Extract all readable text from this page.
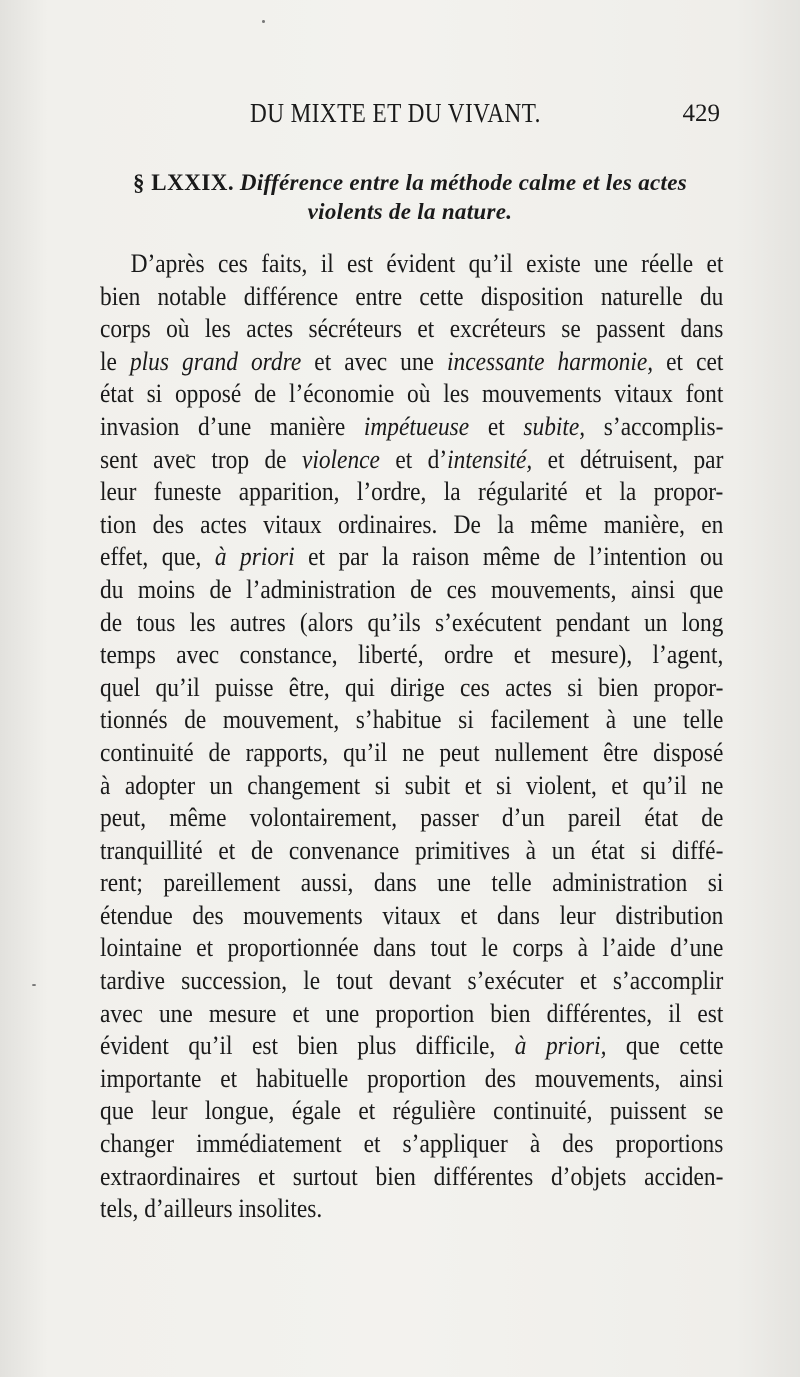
DU MIXTE ET DU VIVANT.	429
§ LXXIX. Différence entre la méthode calme et les actes
violents de la nature.
D’après ces faits, il est évident qu’il existe une réelle et
bien notable différence entre cette disposition naturelle du
corps où les actes sécréteurs et excréteurs se passent dans
le plus grand ordre et avec une incessante harmonie, et cet
état si opposé de l’économie où les mouvements vitaux font
invasion d’une manière impétueuse et subite, s’accomplis-
sent avec trop de violence et d’intensité, et détruisent, par
leur funeste apparition, l’ordre, la régularité et la propor-
tion des actes vitaux ordinaires. De la même manière, en
effet, que, à priori et par la raison même de l’intention ou
du moins de l’administration de ces mouvements, ainsi que
de tous les autres (alors qu’ils s’exécutent pendant un long
temps avec constance, liberté, ordre et mesure), l’agent,
quel qu’il puisse être, qui dirige ces actes si bien propor-
tionnés de mouvement, s’habitue si facilement à une telle
continuité de rapports, qu’il ne peut nullement être disposé
à adopter un changement si subit et si violent, et qu’il ne
peut, même volontairement, passer d’un pareil état de
tranquillité et de convenance primitives à un état si diffé-
rent; pareillement aussi, dans une telle administration si
étendue des mouvements vitaux et dans leur distribution
lointaine et proportionnée dans tout le corps à l’aide d’une
tardive succession, le tout devant s’exécuter et s’accomplir
avec une mesure et une proportion bien différentes, il est
évident qu’il est bien plus difficile, à priori, que cette
importante et habituelle proportion des mouvements, ainsi
que leur longue, égale et régulière continuité, puissent se
changer immédiatement et s’appliquer à des proportions
extraordinaires et surtout bien différentes d’objets acciden-
tels, d’ailleurs insolites.
